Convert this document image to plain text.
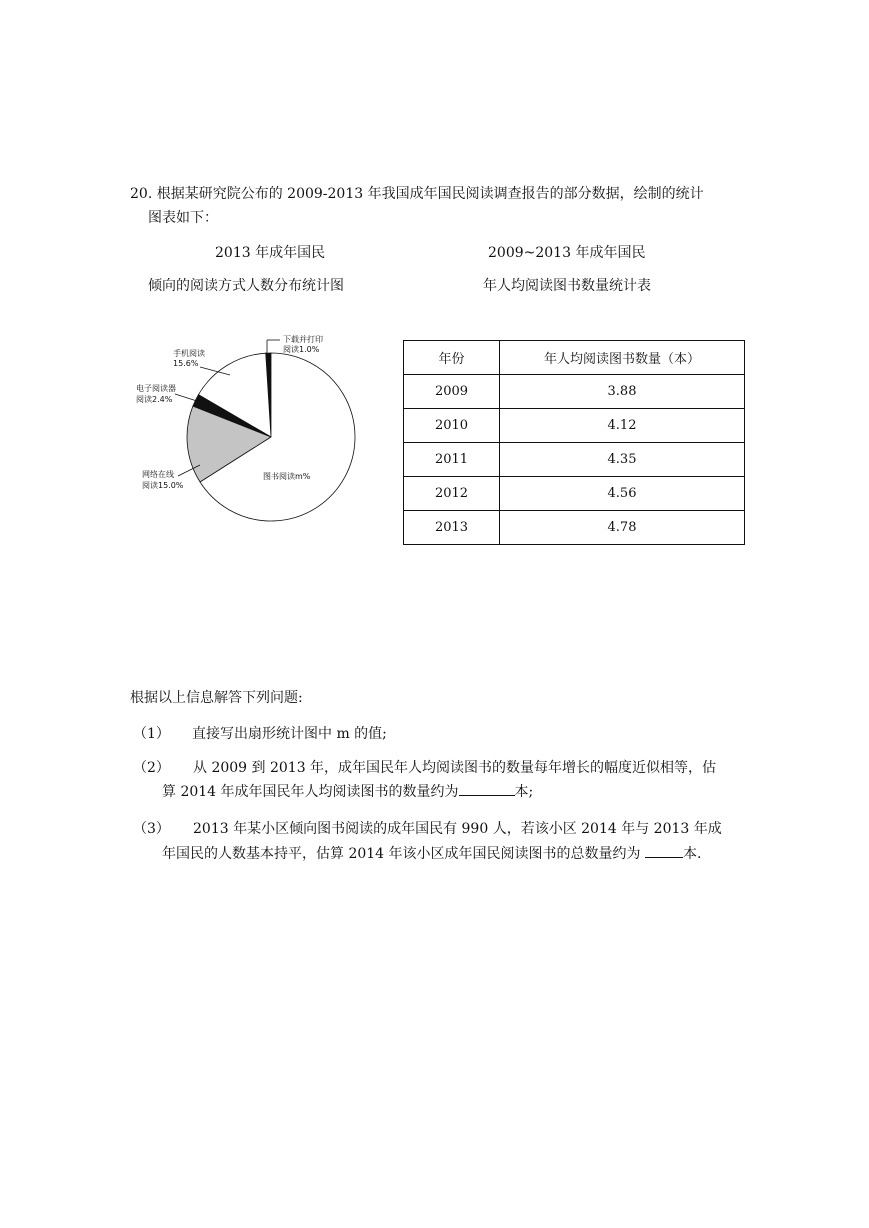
20. 根据某研究院公布的 2009-2013 年我国成年国民阅读调查报告的部分数据，绘制的统计
图表如下：
2013 年成年国民
倾向的阅读方式人数分布统计图
2009~2013 年成年国民
年人均阅读图书数量统计表
下载并打印
阅读1.0%
手机阅读
15.6%
电子阅读器
阅读2.4%
网络在线
阅读15.0%
图书阅读m%
年份	年人均阅读图书数量（本）
2009	3.88
2010	4.12
2011	4.35
2012	4.56
2013	4.78
根据以上信息解答下列问题:
（1） 直接写出扇形统计图中 m 的值;
（2） 从 2009 到 2013 年，成年国民年人均阅读图书的数量每年增长的幅度近似相等，估
算 2014 年成年国民年人均阅读图书的数量约为	本;
（3） 2013 年某小区倾向图书阅读的成年国民有 990 人，若该小区 2014 年与 2013 年成
年国民的人数基本持平，估算 2014 年该小区成年国民阅读图书的总数量约为	本.
